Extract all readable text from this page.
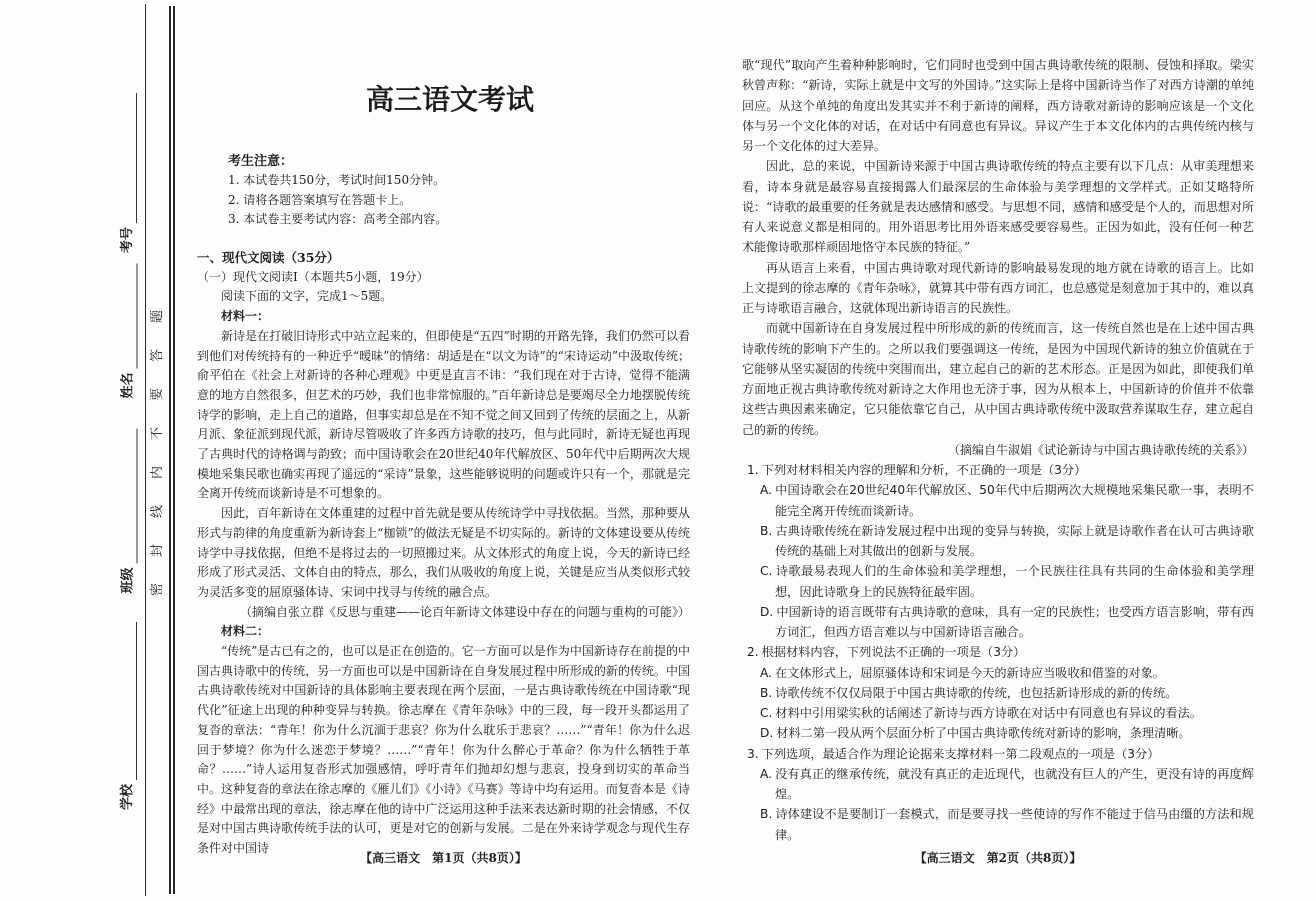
考号
姓名
班级
学校
密封线内不要答题
高三语文考试
考生注意：
1. 本试卷共150分，考试时间150分钟。
2. 请将各题答案填写在答题卡上。
3. 本试卷主要考试内容：高考全部内容。

一、现代文阅读（35分）

（一）现代文阅读Ⅰ（本题共5小题，19分）

阅读下面的文字，完成1～5题。

材料一：

新诗是在打破旧诗形式中站立起来的，但即使是“五四”时期的开路先锋，我们仍然可以看到他们对传统持有的一种近乎“暧昧”的情绪：胡适是在“以文为诗”的“宋诗运动”中汲取传统；俞平伯在《社会上对新诗的各种心理观》中更是直言不讳：“我们现在对于古诗，觉得不能满意的地方自然很多，但艺术的巧妙，我们也非常惊服的。”百年新诗总是要竭尽全力地摆脱传统诗学的影响，走上自己的道路，但事实却总是在不知不觉之间又回到了传统的层面之上，从新月派、象征派到现代派，新诗尽管吸收了许多西方诗歌的技巧，但与此同时，新诗无疑也再现了古典时代的诗格调与韵致；而中国诗歌会在20世纪40年代解放区、50年代中后期两次大规模地采集民歌也确实再现了遥远的“采诗”景象，这些能够说明的问题或许只有一个，那就是完全离开传统而谈新诗是不可想象的。

因此，百年新诗在文体重建的过程中首先就是要从传统诗学中寻找依据。当然，那种要从形式与韵律的角度重新为新诗套上“枷锁”的做法无疑是不切实际的。新诗的文体建设要从传统诗学中寻找依据，但绝不是将过去的一切照搬过来。从文体形式的角度上说，今天的新诗已经形成了形式灵活、文体自由的特点，那么，我们从吸收的角度上说，关键是应当从类似形式较为灵活多变的屈原骚体诗、宋词中找寻与传统的融合点。

（摘编自张立群《反思与重建——论百年新诗文体建设中存在的问题与重构的可能》）

材料二：

“传统”是古已有之的，也可以是正在创造的。它一方面可以是作为中国新诗存在前提的中国古典诗歌中的传统，另一方面也可以是中国新诗在自身发展过程中所形成的新的传统。中国古典诗歌传统对中国新诗的具体影响主要表现在两个层面，一是古典诗歌传统在中国诗歌“现代化”征途上出现的种种变异与转换。徐志摩在《青年杂咏》中的三段，每一段开头都运用了复沓的章法：“青年！你为什么沉湎于悲哀？你为什么耽乐于悲哀？……”“青年！你为什么迟回于梦境？你为什么迷恋于梦境？……”“青年！你为什么醉心于革命？你为什么牺牲于革命？……”诗人运用复沓形式加强感情，呼吁青年们抛却幻想与悲哀，投身到切实的革命当中。这种复沓的章法在徐志摩的《雁儿们》《小诗》《马赛》等诗中均有运用。而复沓本是《诗经》中最常出现的章法，徐志摩在他的诗中广泛运用这种手法来表达新时期的社会情感，不仅是对中国古典诗歌传统手法的认可，更是对它的创新与发展。二是在外来诗学观念与现代生存条件对中国诗

【高三语文　第1页（共8页）】

歌“现代”取向产生着种种影响时，它们同时也受到中国古典诗歌传统的限制、侵蚀和择取。梁实秋曾声称：“新诗，实际上就是中文写的外国诗。”这实际上是将中国新诗当作了对西方诗潮的单纯回应。从这个单纯的角度出发其实并不利于新诗的阐释，西方诗歌对新诗的影响应该是一个文化体与另一个文化体的对话，在对话中有同意也有异议。异议产生于本文化体内的古典传统内核与另一个文化体的过大差异。

因此，总的来说，中国新诗来源于中国古典诗歌传统的特点主要有以下几点：从审美理想来看，诗本身就是最容易直接揭露人们最深层的生命体验与美学理想的文学样式。正如艾略特所说：“诗歌的最重要的任务就是表达感情和感受。与思想不同，感情和感受是个人的，而思想对所有人来说意义都是相同的。用外语思考比用外语来感受要容易些。正因为如此，没有任何一种艺术能像诗歌那样顽固地恪守本民族的特征。”

再从语言上来看，中国古典诗歌对现代新诗的影响最易发现的地方就在诗歌的语言上。比如上文提到的徐志摩的《青年杂咏》，就算其中带有西方词汇，也总感觉是刻意加于其中的，难以真正与诗歌语言融合，这就体现出新诗语言的民族性。

而就中国新诗在自身发展过程中所形成的新的传统而言，这一传统自然也是在上述中国古典诗歌传统的影响下产生的。之所以我们要强调这一传统，是因为中国现代新诗的独立价值就在于它能够从坚实凝固的传统中突围而出，建立起自己的新的艺术形态。正是因为如此，即使我们单方面地正视古典诗歌传统对新诗之大作用也无济于事，因为从根本上，中国新诗的价值并不依靠这些古典因素来确定，它只能依靠它自己，从中国古典诗歌传统中汲取营养谋取生存，建立起自己的新的传统。

（摘编自牛淑娟《试论新诗与中国古典诗歌传统的关系》）

1. 下列对材料相关内容的理解和分析，不正确的一项是（3分）
A. 中国诗歌会在20世纪40年代解放区、50年代中后期两次大规模地采集民歌一事，表明不能完全离开传统而谈新诗。
B. 古典诗歌传统在新诗发展过程中出现的变异与转换，实际上就是诗歌作者在认可古典诗歌传统的基础上对其做出的创新与发展。
C. 诗歌最易表现人们的生命体验和美学理想，一个民族往往具有共同的生命体验和美学理想，因此诗歌身上的民族特征最牢固。
D. 中国新诗的语言既带有古典诗歌的意味，具有一定的民族性；也受西方语言影响，带有西方词汇，但西方语言难以与中国新诗语言融合。
2. 根据材料内容，下列说法不正确的一项是（3分）
A. 在文体形式上，屈原骚体诗和宋词是今天的新诗应当吸收和借鉴的对象。
B. 诗歌传统不仅仅局限于中国古典诗歌的传统，也包括新诗形成的新的传统。
C. 材料中引用梁实秋的话阐述了新诗与西方诗歌在对话中有同意也有异议的看法。
D. 材料二第一段从两个层面分析了中国古典诗歌传统对新诗的影响，条理清晰。
3. 下列选项，最适合作为理论论据来支撑材料一第二段观点的一项是（3分）
A. 没有真正的继承传统，就没有真正的走近现代，也就没有巨人的产生，更没有诗的再度辉煌。
B. 诗体建设不是要制订一套模式，而是要寻找一些使诗的写作不能过于信马由缰的方法和规律。
【高三语文　第2页（共8页）】
